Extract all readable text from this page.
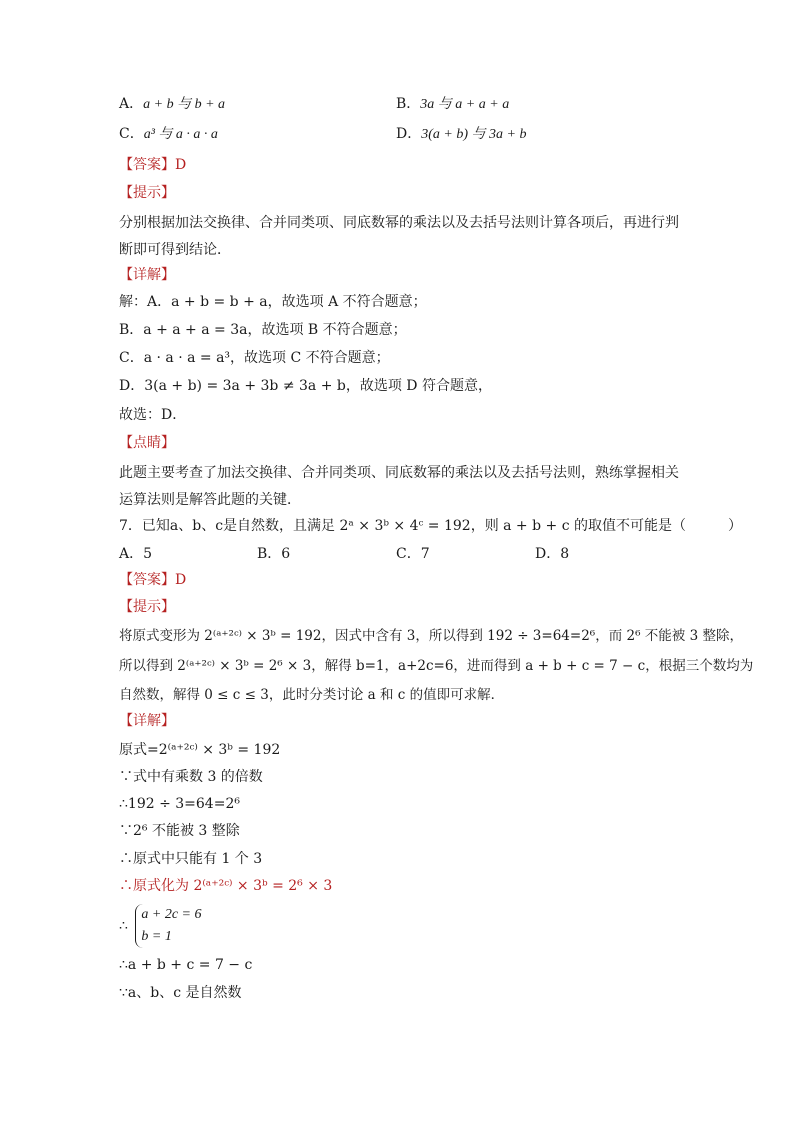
A．a + b 与 b + a	B．3a 与 a + a + a
C．a³ 与 a · a · a	D．3(a + b) 与 3a + b
【答案】D
【提示】
分别根据加法交换律、合并同类项、同底数幂的乘法以及去括号法则计算各项后，再进行判断即可得到结论．
【详解】
解：A．a + b = b + a，故选项 A 不符合题意；
B．a + a + a = 3a，故选项 B 不符合题意；
C．a · a · a = a³，故选项 C 不符合题意；
D．3(a + b) = 3a + 3b ≠ 3a + b，故选项 D 符合题意，
故选：D．
【点睛】
此题主要考查了加法交换律、合并同类项、同底数幂的乘法以及去括号法则，熟练掌握相关运算法则是解答此题的关键．
7．已知a、b、c是自然数，且满足 2ᵃ × 3ᵇ × 4ᶜ = 192，则 a + b + c 的取值不可能是（　　　）
A．5	B．6	C．7	D．8
【答案】D
【提示】
将原式变形为 2⁽ᵃ⁺²ᶜ⁾ × 3ᵇ = 192，因式中含有 3，所以得到 192 ÷ 3=64=2⁶，而 2⁶ 不能被 3 整除，
所以得到 2⁽ᵃ⁺²ᶜ⁾ × 3ᵇ = 2⁶ × 3，解得 b=1，a+2c=6，进而得到 a + b + c = 7 − c，根据三个数均为
自然数，解得 0 ≤ c ≤ 3，此时分类讨论 a 和 c 的值即可求解．
【详解】
原式=2⁽ᵃ⁺²ᶜ⁾ × 3ᵇ = 192
∵式中有乘数 3 的倍数
∴192 ÷ 3=64=2⁶
∵2⁶ 不能被 3 整除
∴原式中只能有 1 个 3
∴原式化为 2⁽ᵃ⁺²ᶜ⁾ × 3ᵇ = 2⁶ × 3
∴ a + 2c = 6
b = 1
∴a + b + c = 7 − c
∵a、b、c 是自然数
